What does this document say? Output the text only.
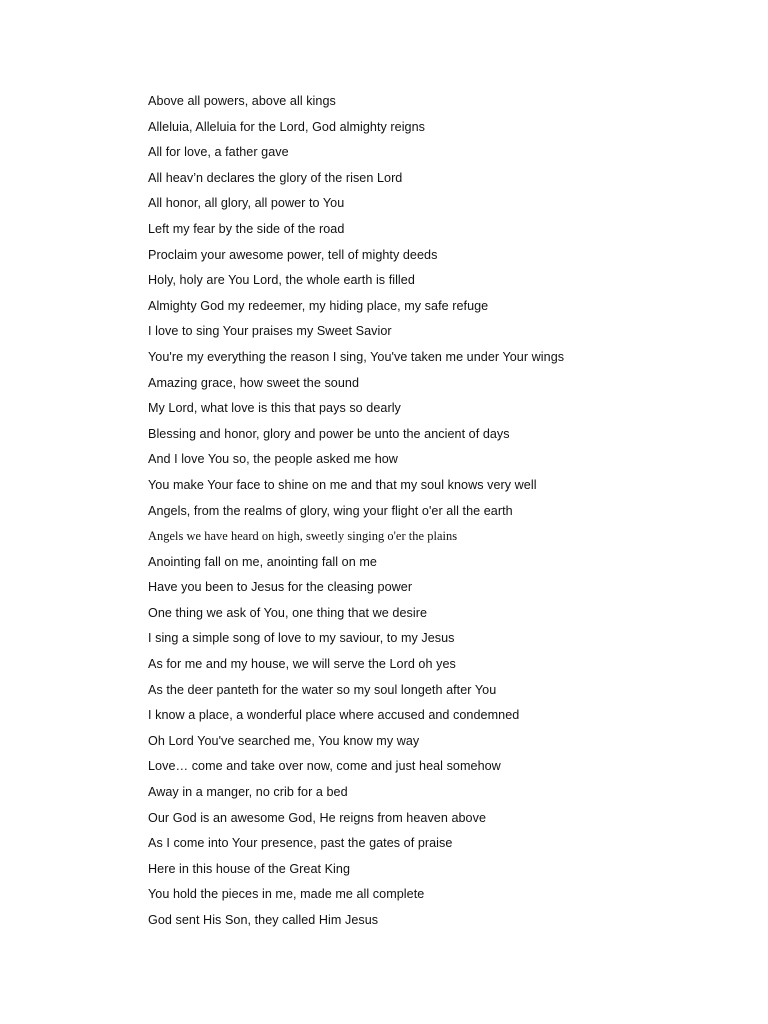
Above all powers, above all kings
Alleluia, Alleluia for the Lord, God almighty reigns
All for love, a father gave
All heav’n declares the glory of the risen Lord
All honor, all glory, all power to You
Left my fear by the side of the road
Proclaim your awesome power, tell of mighty deeds
Holy, holy are You Lord, the whole earth is filled
Almighty God my redeemer, my hiding place, my safe refuge
I love to sing Your praises my Sweet Savior
You're my everything the reason I sing, You've taken me under Your wings
Amazing grace, how sweet the sound
My Lord, what love is this that pays so dearly
Blessing and honor, glory and power be unto the ancient of days
And I love You so, the people asked me how
You make Your face to shine on me and that my soul knows very well
Angels, from the realms of glory, wing your flight o'er all the earth
Angels we have heard on high, sweetly singing o'er the plains
Anointing fall on me, anointing fall on me
Have you been to Jesus for the cleasing power
One thing we ask of You, one thing that we desire
I sing a simple song of love to my saviour, to my Jesus
As for me and my house, we will serve the Lord oh yes
As the deer panteth for the water so my soul longeth after You
I know a place, a wonderful place where accused and condemned
Oh Lord You've searched me, You know my way
Love… come and take over now, come and just heal somehow
Away in a manger, no crib for a bed
Our God is an awesome God, He reigns from heaven above
As I come into Your presence, past the gates of praise
Here in this house of the Great King
You hold the pieces in me, made me all complete
God sent His Son, they called Him Jesus
